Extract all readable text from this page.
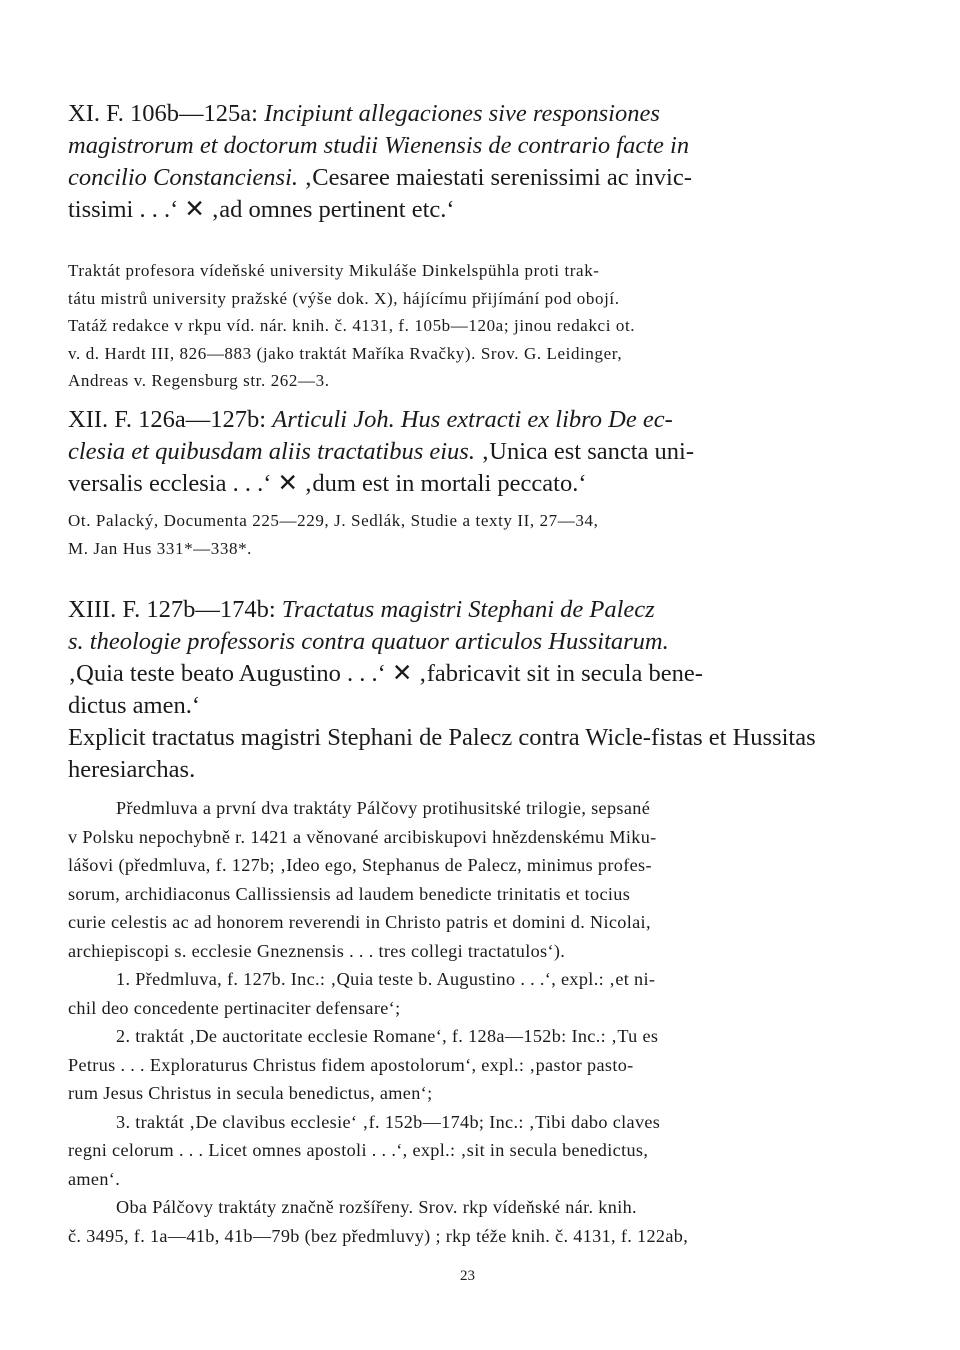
XI. F. 106b—125a: Incipiunt allegaciones sive responsiones
magistrorum et doctorum studii Wienensis de contrario facte in
concilio Constanciensi. ‚Cesaree maiestati serenissimi ac invic-
tissimi . . .‘ ✕ ‚ad omnes pertinent etc.‘
Traktát profesora vídeňské university Mikuláše Dinkelspühla proti trak-
tátu mistrů university pražské (výše dok. X), hájícímu přijímání pod obojí.
Tatáž redakce v rkpu víd. nár. knih. č. 4131, f. 105b—120a; jinou redakci ot.
v. d. Hardt III, 826—883 (jako traktát Maříka Rvačky). Srov. G. Leidinger,
Andreas v. Regensburg str. 262—3.
XII. F. 126a—127b: Articuli Joh. Hus extracti ex libro De ec-
clesia et quibusdam aliis tractatibus eius. ‚Unica est sancta uni-
versalis ecclesia . . .‘ ✕ ‚dum est in mortali peccato.‘
Ot. Palacký, Documenta 225—229, J. Sedlák, Studie a texty II, 27—34,
M. Jan Hus 331*—338*.
XIII. F. 127b—174b: Tractatus magistri Stephani de Palecz
s. theologie professoris contra quatuor articulos Hussitarum.
‚Quia teste beato Augustino . . .‘ ✕ ‚fabricavit sit in secula bene-
dictus amen.‘
Explicit tractatus magistri Stephani de Palecz contra Wicle-fistas et Hussitas heresiarchas.
Předmluva a první dva traktáty Pálčovy protihusitské trilogie, sepsané
v Polsku nepochybně r. 1421 a věnované arcibiskupovi hnězdenskému Miku-
lášovi (předmluva, f. 127b; ‚Ideo ego, Stephanus de Palecz, minimus profes-
sorum, archidiaconus Callissiensis ad laudem benedicte trinitatis et tocius
curie celestis ac ad honorem reverendi in Christo patris et domini d. Nicolai,
archiepiscopi s. ecclesie Gneznensis . . . tres collegi tractatulos‘).
1. Předmluva, f. 127b. Inc.: ‚Quia teste b. Augustino . . .‘, expl.: ‚et ni-
chil deo concedente pertinaciter defensare‘;
2. traktát ‚De auctoritate ecclesie Romane‘, f. 128a—152b: Inc.: ‚Tu es
Petrus . . . Exploraturus Christus fidem apostolorum‘, expl.: ‚pastor pasto-
rum Jesus Christus in secula benedictus, amen‘;
3. traktát ‚De clavibus ecclesie‘ ‚f. 152b—174b; Inc.: ‚Tibi dabo claves
regni celorum . . . Licet omnes apostoli . . .‘, expl.: ‚sit in secula benedictus,
amen‘.
Oba Pálčovy traktáty značně rozšířeny. Srov. rkp vídeňské nár. knih.
č. 3495, f. 1a—41b, 41b—79b (bez předmluvy) ; rkp téže knih. č. 4131, f. 122ab,
23
